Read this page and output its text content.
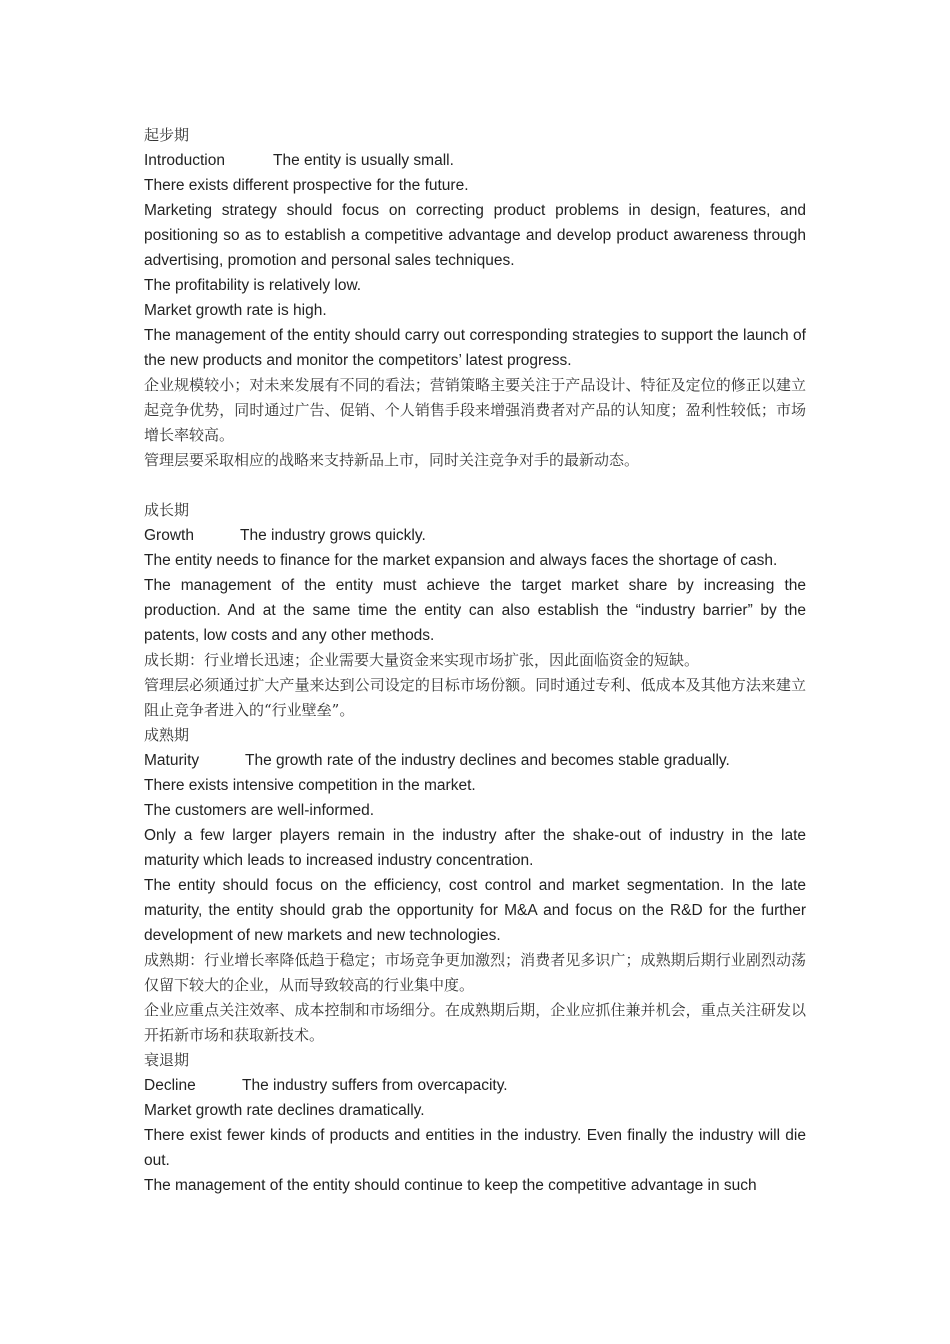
起步期

Introduction	The entity is usually small.

There exists different prospective for the future.

Marketing strategy should focus on correcting product problems in design, features, and positioning so as to establish a competitive advantage and develop product awareness through advertising, promotion and personal sales techniques.

The profitability is relatively low.

Market growth rate is high.

The management of the entity should carry out corresponding strategies to support the launch of the new products and monitor the competitors’ latest progress.

企业规模较小；对未来发展有不同的看法；营销策略主要关注于产品设计、特征及定位的修正以建立起竞争优势，同时通过广告、促销、个人销售手段来增强消费者对产品的认知度；盈利性较低；市场增长率较高。

管理层要采取相应的战略来支持新品上市，同时关注竞争对手的最新动态。

成长期

Growth	The industry grows quickly.

The entity needs to finance for the market expansion and always faces the shortage of cash.

The management of the entity must achieve the target market share by increasing the production. And at the same time the entity can also establish the “industry barrier” by the patents, low costs and any other methods.

成长期：行业增长迅速；企业需要大量资金来实现市场扩张，因此面临资金的短缺。

管理层必须通过扩大产量来达到公司设定的目标市场份额。同时通过专利、低成本及其他方法来建立阻止竞争者进入的“行业壁垒”。

成熟期

Maturity	The growth rate of the industry declines and becomes stable gradually.

There exists intensive competition in the market.

The customers are well-informed.

Only a few larger players remain in the industry after the shake-out of industry in the late maturity which leads to increased industry concentration.

The entity should focus on the efficiency, cost control and market segmentation. In the late maturity, the entity should grab the opportunity for M&A and focus on the R&D for the further development of new markets and new technologies.

成熟期：行业增长率降低趋于稳定；市场竞争更加激烈；消费者见多识广；成熟期后期行业剧烈动荡仅留下较大的企业，从而导致较高的行业集中度。

企业应重点关注效率、成本控制和市场细分。在成熟期后期，企业应抓住兼并机会，重点关注研发以开拓新市场和获取新技术。

衰退期

Decline	The industry suffers from overcapacity.

Market growth rate declines dramatically.

There exist fewer kinds of products and entities in the industry. Even finally the industry will die out.

The management of the entity should continue to keep the competitive advantage in such
